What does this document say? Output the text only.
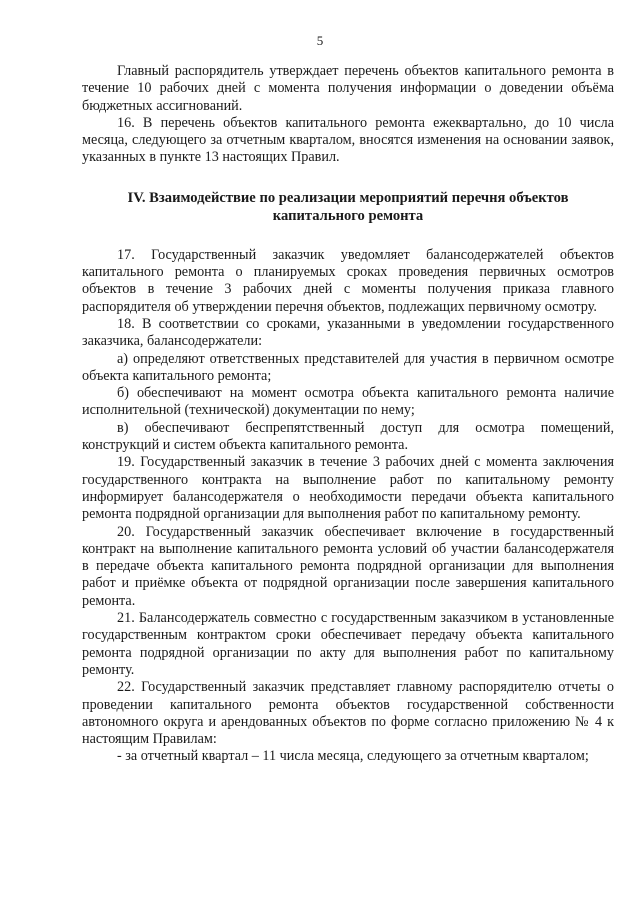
5

Главный распорядитель утверждает перечень объектов капитального ремонта в течение 10 рабочих дней с момента получения информации о доведении объёма бюджетных ассигнований.

16. В перечень объектов капитального ремонта ежеквартально, до 10 числа месяца, следующего за отчетным кварталом, вносятся изменения на основании заявок, указанных в пункте 13 настоящих Правил.

IV. Взаимодействие по реализации мероприятий перечня объектов капитального ремонта

17. Государственный заказчик уведомляет балансодержателей объектов капитального ремонта о планируемых сроках проведения первичных осмотров объектов в течение 3 рабочих дней с моменты получения приказа главного распорядителя об утверждении перечня объектов, подлежащих первичному осмотру.

18. В соответствии со сроками, указанными в уведомлении государственного заказчика, балансодержатели:

а) определяют ответственных представителей для участия в первичном осмотре объекта капитального ремонта;

б) обеспечивают на момент осмотра объекта капитального ремонта наличие исполнительной (технической) документации по нему;

в) обеспечивают беспрепятственный доступ для осмотра помещений, конструкций и систем объекта капитального ремонта.

19. Государственный заказчик в течение 3 рабочих дней с момента заключения государственного контракта на выполнение работ по капитальному ремонту информирует балансодержателя о необходимости передачи объекта капитального ремонта подрядной организации для выполнения работ по капитальному ремонту.

20. Государственный заказчик обеспечивает включение в государственный контракт на выполнение капитального ремонта условий об участии балансодержателя в передаче объекта капитального ремонта подрядной организации для выполнения работ и приёмке объекта от подрядной организации после завершения капитального ремонта.

21. Балансодержатель совместно с государственным заказчиком в установленные государственным контрактом сроки обеспечивает передачу объекта капитального ремонта подрядной организации по акту для выполнения работ по капитальному ремонту.

22. Государственный заказчик представляет главному распорядителю отчеты о проведении капитального ремонта объектов государственной собственности автономного округа и арендованных объектов по форме согласно приложению № 4 к настоящим Правилам:

- за отчетный квартал – 11 числа месяца, следующего за отчетным кварталом;
